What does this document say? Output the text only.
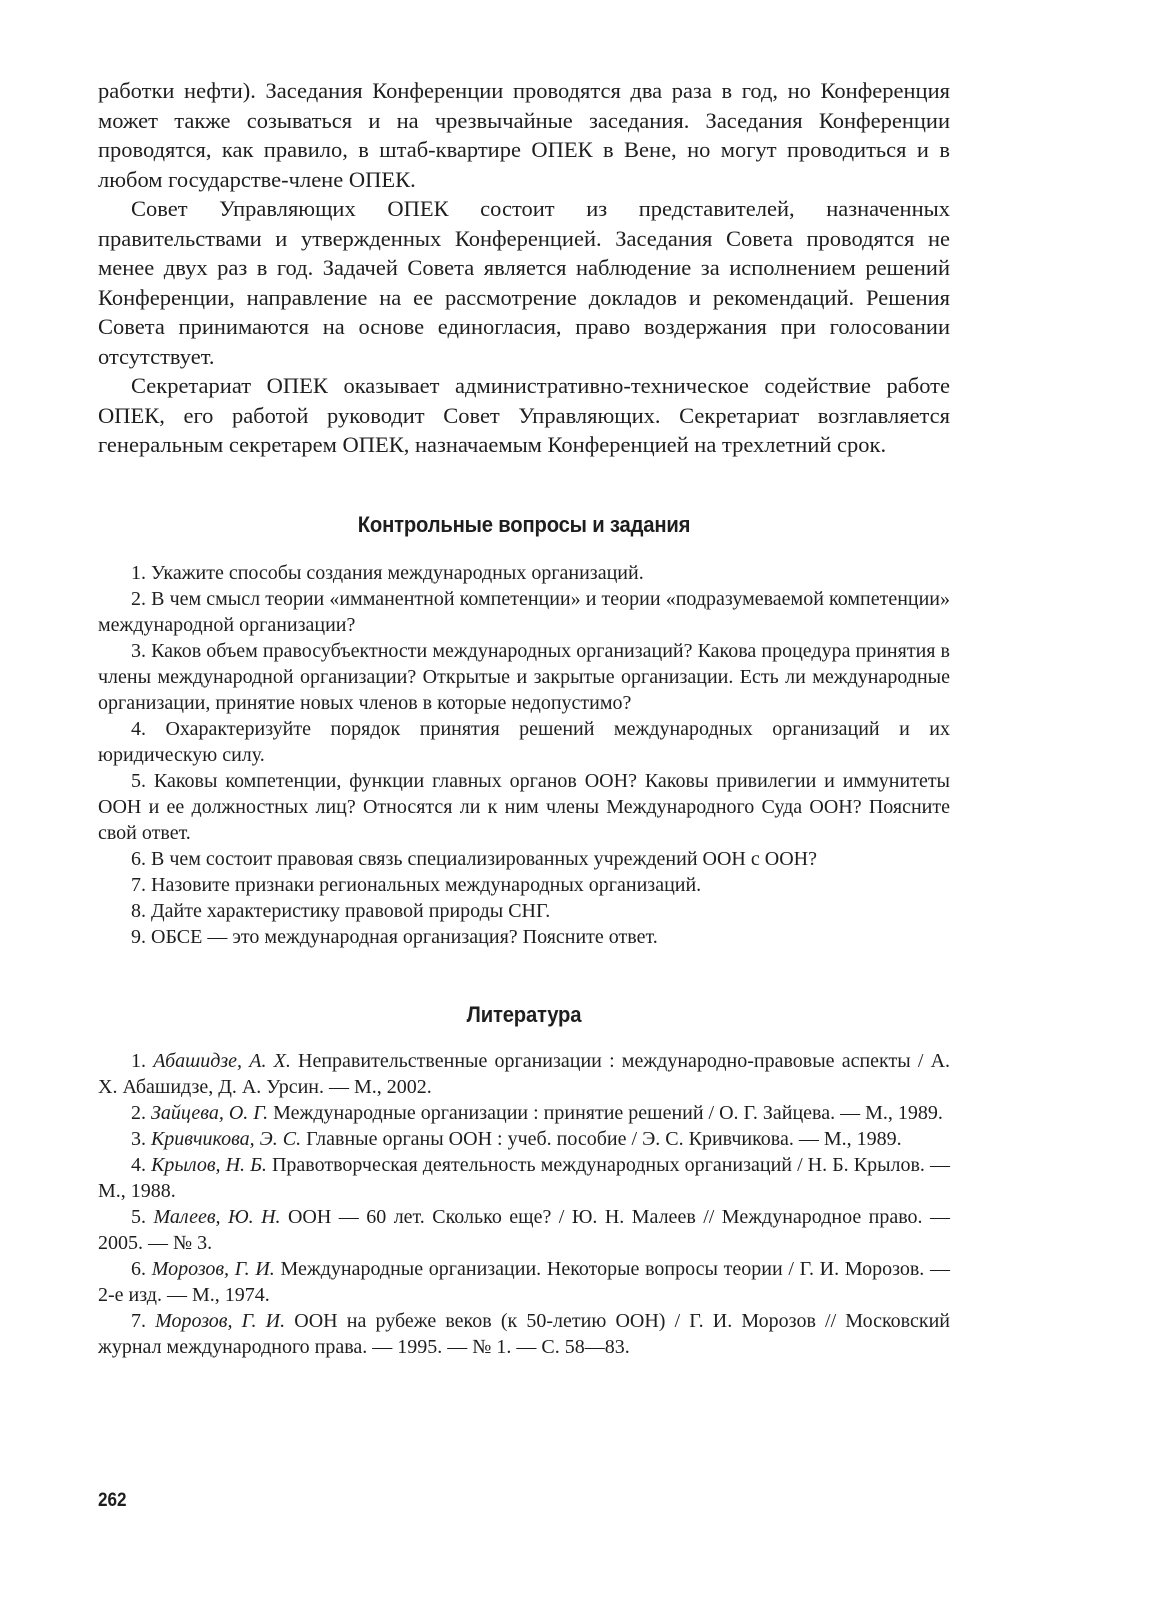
работки нефти). Заседания Конференции проводятся два раза в год, но Конференция может также созываться и на чрезвычайные заседания. Заседания Конференции проводятся, как правило, в штаб-квартире ОПЕК в Вене, но могут проводиться и в любом государстве-члене ОПЕК.

Совет Управляющих ОПЕК состоит из представителей, назначенных правительствами и утвержденных Конференцией. Заседания Совета проводятся не менее двух раз в год. Задачей Совета является наблюдение за исполнением решений Конференции, направление на ее рассмотрение докладов и рекомендаций. Решения Совета принимаются на основе единогласия, право воздержания при голосовании отсутствует.

Секретариат ОПЕК оказывает административно-техническое содействие работе ОПЕК, его работой руководит Совет Управляющих. Секретариат возглавляется генеральным секретарем ОПЕК, назначаемым Конференцией на трехлетний срок.

Контрольные вопросы и задания
1. Укажите способы создания международных организаций.
2. В чем смысл теории «имманентной компетенции» и теории «подразумеваемой компетенции» международной организации?
3. Каков объем правосубъектности международных организаций? Какова процедура принятия в члены международной организации? Открытые и закрытые организации. Есть ли международные организации, принятие новых членов в которые недопустимо?
4. Охарактеризуйте порядок принятия решений международных организаций и их юридическую силу.
5. Каковы компетенции, функции главных органов ООН? Каковы привилегии и иммунитеты ООН и ее должностных лиц? Относятся ли к ним члены Международного Суда ООН? Поясните свой ответ.
6. В чем состоит правовая связь специализированных учреждений ООН с ООН?
7. Назовите признаки региональных международных организаций.
8. Дайте характеристику правовой природы СНГ.
9. ОБСЕ — это международная организация? Поясните ответ.
Литература
1. Абашидзе, А. Х. Неправительственные организации : международно-правовые аспекты / А. Х. Абашидзе, Д. А. Урсин. — М., 2002.
2. Зайцева, О. Г. Международные организации : принятие решений / О. Г. Зайцева. — М., 1989.
3. Кривчикова, Э. С. Главные органы ООН : учеб. пособие / Э. С. Кривчикова. — М., 1989.
4. Крылов, Н. Б. Правотворческая деятельность международных организаций / Н. Б. Крылов. — М., 1988.
5. Малеев, Ю. Н. ООН — 60 лет. Сколько еще? / Ю. Н. Малеев // Международное право. — 2005. — № 3.
6. Морозов, Г. И. Международные организации. Некоторые вопросы теории / Г. И. Морозов. — 2-е изд. — М., 1974.
7. Морозов, Г. И. ООН на рубеже веков (к 50-летию ООН) / Г. И. Морозов // Московский журнал международного права. — 1995. — № 1. — С. 58—83.
262
